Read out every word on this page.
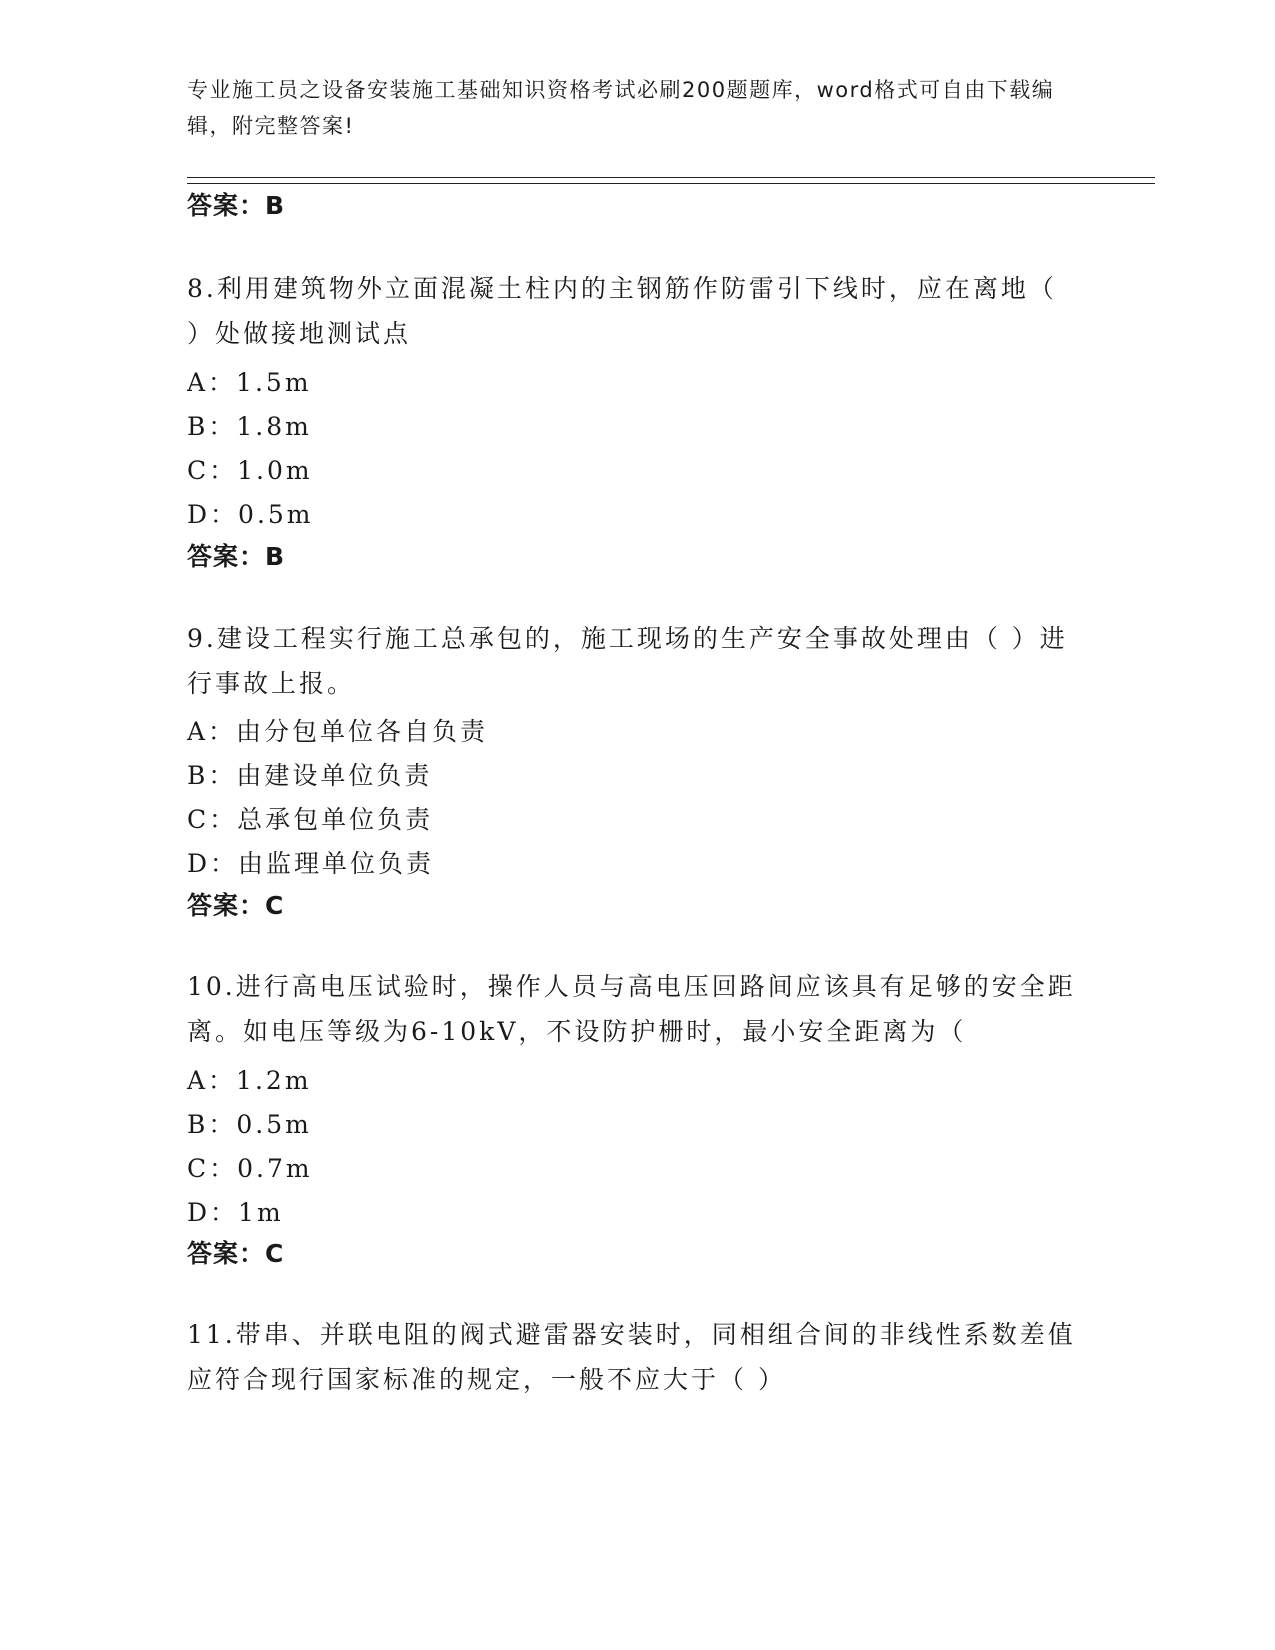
专业施工员之设备安装施工基础知识资格考试必刷200题题库，word格式可自由下载编辑，附完整答案!
答案：B
8.利用建筑物外立面混凝土柱内的主钢筋作防雷引下线时，应在离地（ ）处做接地测试点
A：1.5m
B：1.8m
C：1.0m
D：0.5m
答案：B
9.建设工程实行施工总承包的，施工现场的生产安全事故处理由（ ）进行事故上报。
A：由分包单位各自负责
B：由建设单位负责
C：总承包单位负责
D：由监理单位负责
答案：C
10.进行高电压试验时，操作人员与高电压回路间应该具有足够的安全距离。如电压等级为6-10kV，不设防护栅时，最小安全距离为（
A：1.2m
B：0.5m
C：0.7m
D：1m
答案：C
11.带串、并联电阻的阀式避雷器安装时，同相组合间的非线性系数差值应符合现行国家标准的规定，一般不应大于（ ）
